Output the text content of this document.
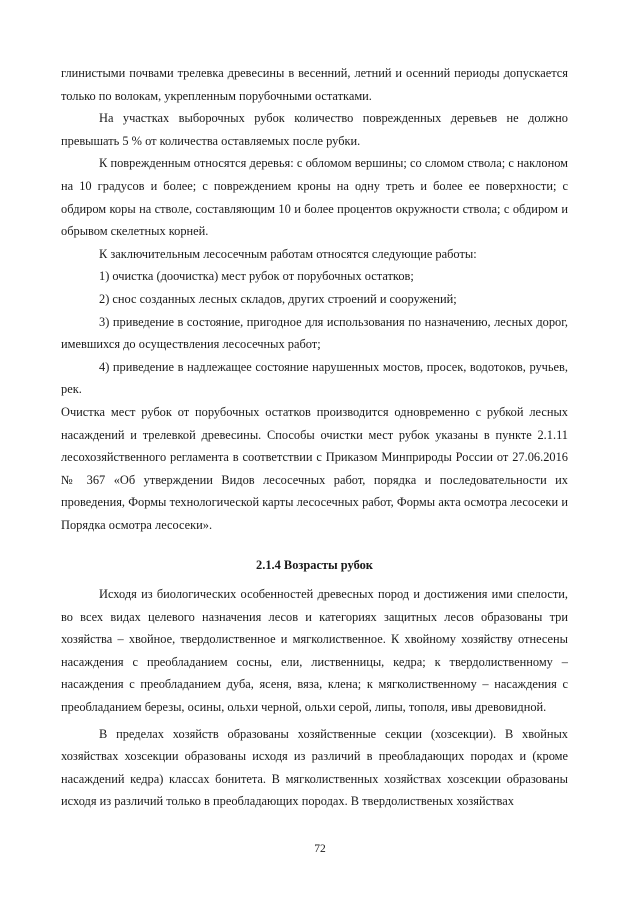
глинистыми почвами трелевка древесины в весенний, летний и осенний периоды допускается только по волокам, укрепленным порубочными остатками.

На участках выборочных рубок количество поврежденных деревьев не должно превышать 5 % от количества оставляемых после рубки.

К поврежденным относятся деревья: с обломом вершины; со сломом ствола; с наклоном на 10 градусов и более; с повреждением кроны на одну треть и более ее поверхности; с обдиром коры на стволе, составляющим 10 и более процентов окружности ствола; с обдиром и обрывом скелетных корней.

К заключительным лесосечным работам относятся следующие работы:

1) очистка (доочистка) мест рубок от порубочных остатков;

2) снос созданных лесных складов, других строений и сооружений;

3) приведение в состояние, пригодное для использования по назначению, лесных дорог, имевшихся до осуществления лесосечных работ;

4) приведение в надлежащее состояние нарушенных мостов, просек, водотоков, ручьев, рек.

Очистка мест рубок от порубочных остатков производится одновременно с рубкой лесных насаждений и трелевкой древесины. Способы очистки мест рубок указаны в пункте 2.1.11 лесохозяйственного регламента в соответствии с Приказом Минприроды России от 27.06.2016 № 367 «Об утверждении Видов лесосечных работ, порядка и последовательности их проведения, Формы технологической карты лесосечных работ, Формы акта осмотра лесосеки и Порядка осмотра лесосеки».

2.1.4 Возрасты рубок

Исходя из биологических особенностей древесных пород и достижения ими спелости, во всех видах целевого назначения лесов и категориях защитных лесов образованы три хозяйства – хвойное, твердолиственное и мягколиственное. К хвойному хозяйству отнесены насаждения с преобладанием сосны, ели, лиственницы, кедра; к твердолиственному – насаждения с преобладанием дуба, ясеня, вяза, клена; к мягколиственному – насаждения с преобладанием березы, осины, ольхи черной, ольхи серой, липы, тополя, ивы древовидной.

В пределах хозяйств образованы хозяйственные секции (хозсекции). В хвойных хозяйствах хозсекции образованы исходя из различий в преобладающих породах и (кроме насаждений кедра) классах бонитета. В мягколиственных хозяйствах хозсекции образованы исходя из различий только в преобладающих породах. В твердолиственых хозяйствах

72
